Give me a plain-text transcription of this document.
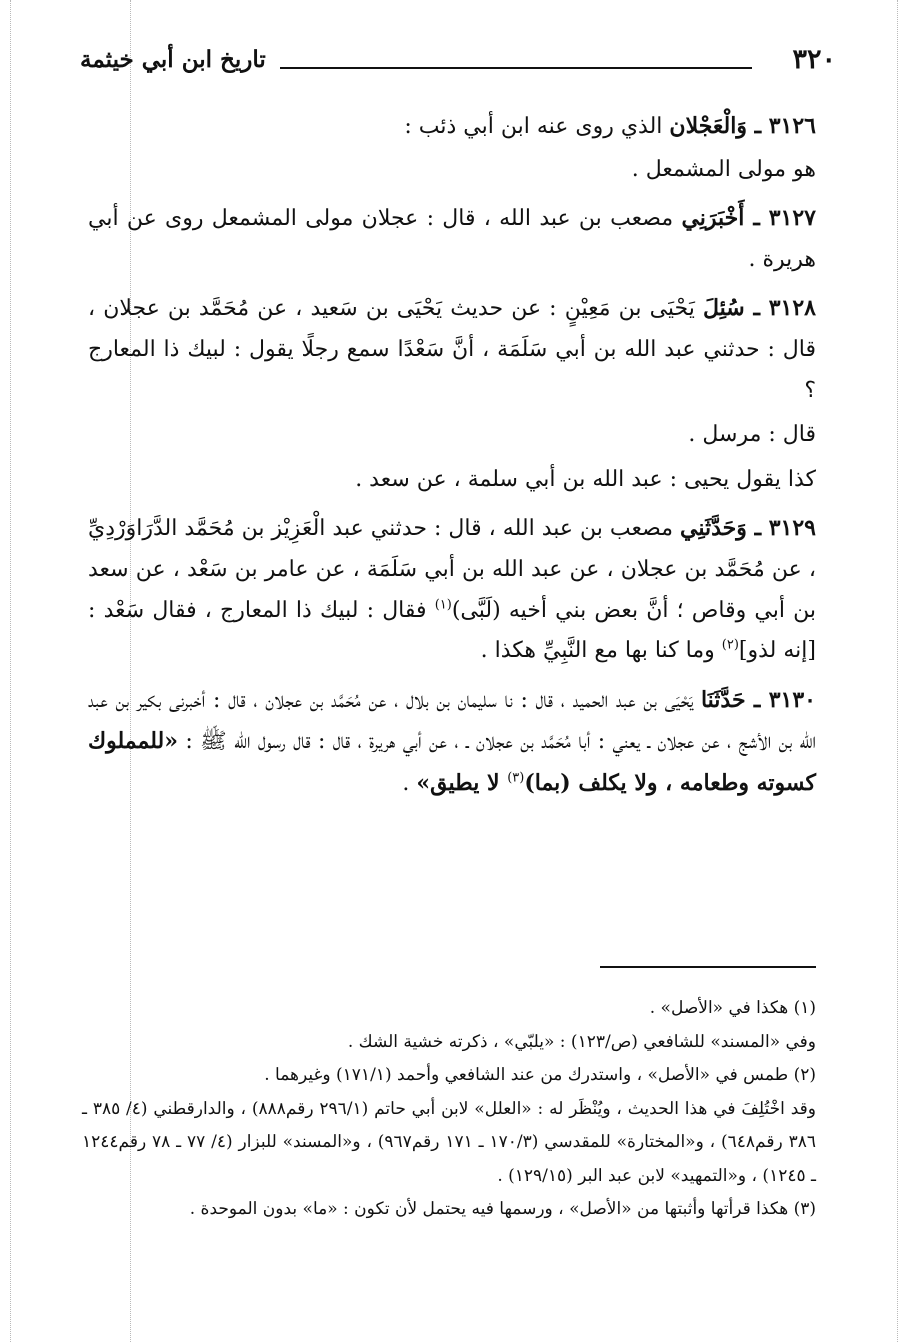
٣٢٠
تاريخ ابن أبي خيثمة

٣١٢٦ ـ وَالْعَجْلان الذي روى عنه ابن أبي ذئب :

هو مولى المشمعل .

٣١٢٧ ـ أَخْبَرَنِي مصعب بن عبد الله ، قال : عجلان مولى المشمعل روى عن أبي هريرة .

٣١٢٨ ـ سُئِلَ يَحْيَى بن مَعِيْنٍ : عن حديث يَحْيَى بن سَعيد ، عن مُحَمَّد بن عجلان ، قال : حدثني عبد الله بن أبي سَلَمَة ، أنَّ سَعْدًا سمع رجلًا يقول : لبيك ذا المعارج ؟

قال : مرسل .

كذا يقول يحيى : عبد الله بن أبي سلمة ، عن سعد .

٣١٢٩ ـ وَحَدَّثَنِي مصعب بن عبد الله ، قال : حدثني عبد الْعَزِيْز بن مُحَمَّد الدَّرَاوَرْدِيِّ ، عن مُحَمَّد بن عجلان ، عن عبد الله بن أبي سَلَمَة ، عن عامر بن سَعْد ، عن سعد بن أبي وقاص ؛ أنَّ بعض بني أخيه (لَبَّى)$^{(١)}$ فقال : لبيك ذا المعارج ، فقال سَعْد : [إنه لذو]$^{(٢)}$ وما كنا بها مع النَّبِيِّ هكذا .

٣١٣٠ ـ حَدَّثَنَا يَحْيَى بن عبد الحميد ، قال : نا سليمان بن بلال ، عن مُحَمَّد بن عجلان ، قال : أخبرنى بكير بن عبد الله بن الأشج ، عن عجلان ـ يعني : أبا مُحَمَّد بن عجلان ـ ، عن أبي هريرة ، قال : قال رسول الله ﷺ : «للمملوك كسوته وطعامه ، ولا يكلف (بما)$^{(٣)}$ لا يطيق» .

(١) هكذا في «الأصل» .

وفي «المسند» للشافعي (ص/١٢٣) : «يلبّي» ، ذكرته خشية الشك .

(٢) طمس في «الأصل» ، واستدرك من عند الشافعي وأحمد (١٧١/١) وغيرهما .

وقد اخْتُلِفَ في هذا الحديث ، ويُنْظَر له : «العلل» لابن أبي حاتم (٢٩٦/١ رقم٨٨٨) ، والدارقطني (٤/ ٣٨٥ ـ ٣٨٦ رقم٦٤٨) ، و«المختارة» للمقدسي (١٧٠/٣ ـ ١٧١ رقم٩٦٧) ، و«المسند» للبزار (٤/ ٧٧ ـ ٧٨ رقم١٢٤٤ ـ ١٢٤٥) ، و«التمهيد» لابن عبد البر (١٢٩/١٥) .

(٣) هكذا قرأتها وأثبتها من «الأصل» ، ورسمها فيه يحتمل لأن تكون : «ما» بدون الموحدة .
